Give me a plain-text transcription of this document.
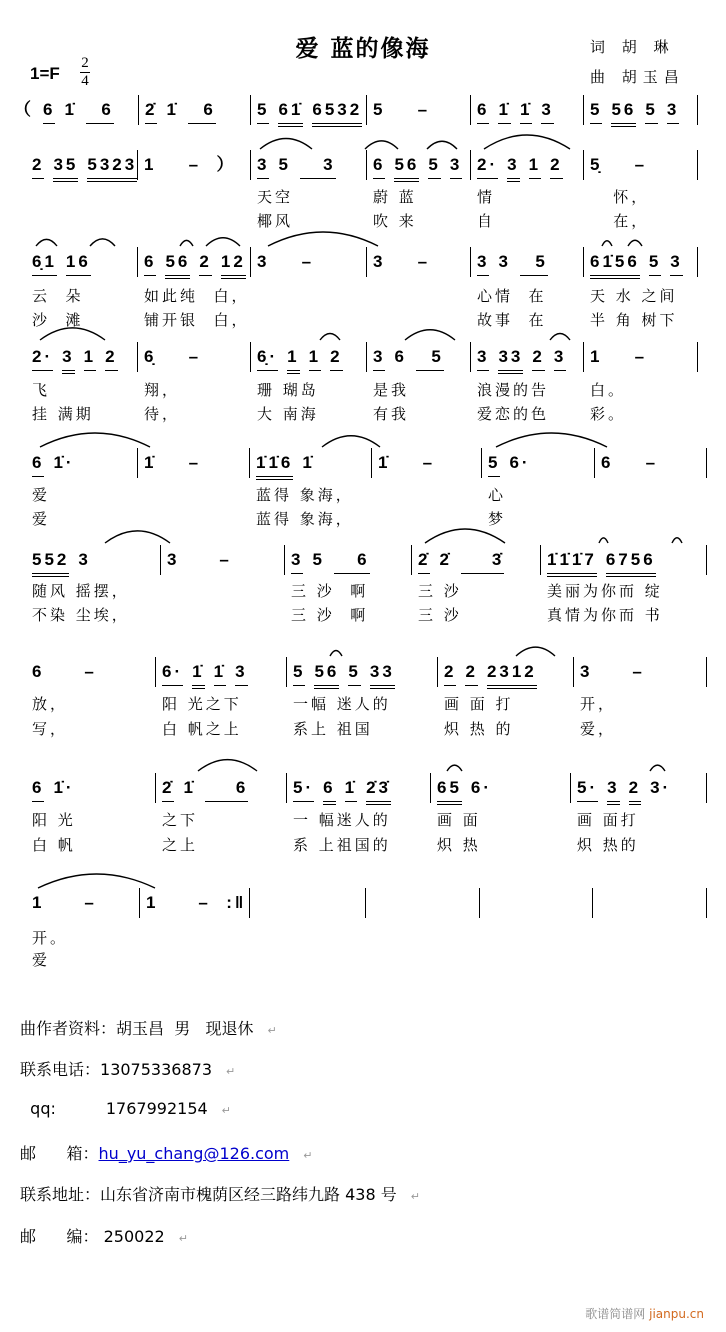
爱 蓝的像海	词 胡 琳
曲 胡玉昌
1=F
2
4
（ 6 1̇ 6 2̇ 1̇ 6 5 61̇ 6532 5 –	6 1̇ 1̇ 3 5 56 5 3
2 35 5323 1 –  ） 3 5 3 6 56 5 3 2· 3 1 2 5̣ –
天空	蔚 蓝	情	怀，
椰风	吹 来	自	在，
6̣1 16	6 56 2 12 3 –	3 –	3 3 5 61̇56 5 3
云  朵	如此纯  白，	心情  在	天 水 之间
沙  滩	铺开银  白，	故事  在	半 角 树下
2· 3 1 2 6̣ –	6̣· 1 1 2 3 6 5 3 33 2 3 1 –
飞	翔，	珊 瑚岛	是我	浪漫的告	白。
挂 满期	待，	大 南海	有我	爱恋的色	彩。
6 1̇·	1̇ –	1̇1̇6 1̇	1̇ –	5 6·	6 –
爱	蓝得 象海，	心
爱	蓝得 象海，	梦
552 3	3 –	3 5 6	2̇ 2̇ 3̇	1̇1̇1̇7 6756
随风 摇摆，	三 沙  啊	三 沙	美丽为你而 绽
不染 尘埃，	三 沙  啊	三 沙	真情为你而 书
6 –	6· 1̇ 1̇ 3	5 56 5 33	2 2 2312	3 –
放，	阳 光之下	一幅 迷人的	画 面 打	开，
写，	白 帆之上	系上 祖国	炽 热 的	爱，
6 1̇·	2̇ 1̇ 6	5· 6 1̇ 2̇3̇	65 6·	5· 3 2 3·
阳 光	之下	一 幅迷人的	画 面	画 面打
白 帆	之上	系 上祖国的	炽 热	炽 热的
1 –	1 –  :‖
开。
爱
曲作者资料：胡玉昌  男   现退休 ↵
联系电话：13075336873 ↵
qq:	1767992154 ↵
邮      箱：hu_yu_chang@126.com ↵
联系地址：山东省济南市槐荫区经三路纬九路 438 号 ↵
邮      编： 250022 ↵
歌谱简谱网 jianpu.cn
